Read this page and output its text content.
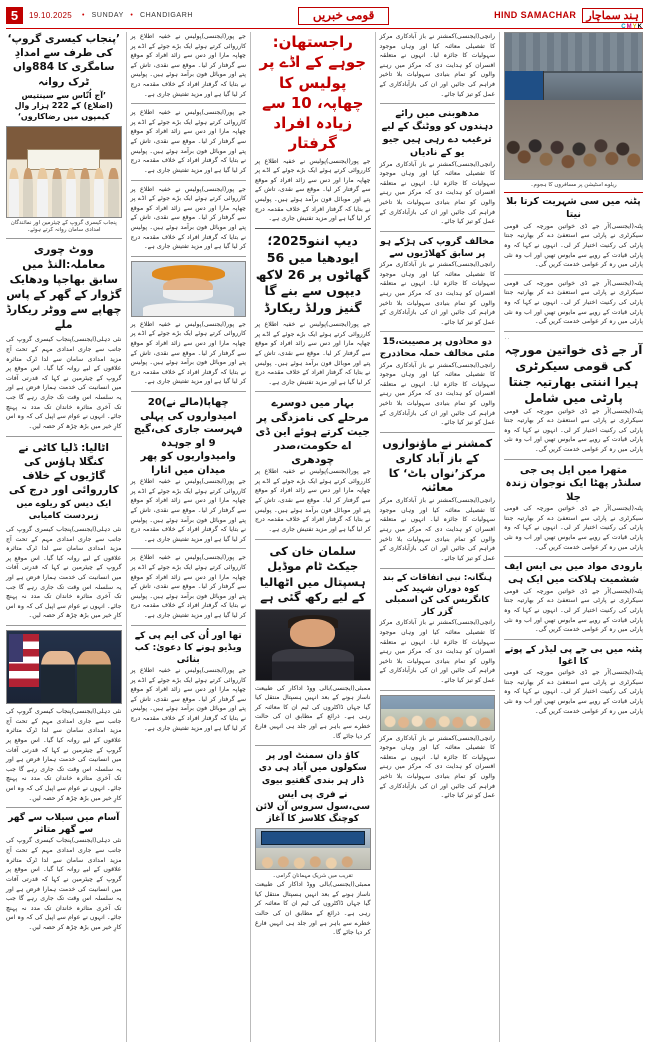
5	19.10.2025	• SUNDAY • CHANDIGARH	قومی خبریں	HIND SAMACHAR ہند سماچار
CMYK
’پنجاب کیسری گروپ‘ کی طرف سے امدادِ سامگری کا 884واں ٹرک روانہ
’آج اُنّاس سے سینتیس (اضلاع) کے 222 ہزار وال کیمپوں میں رضاکاروں‘
پنجاب کیسری گروپ کے چیئرمین اور نمائندگان امدادی سامان روانہ کرتے ہوئے۔
ووٹ چوری معاملہ:النڈ میں سابق بھاجپا ودھایک گڑوار کے گھر کے پاس چھاپے سے ووٹر ریکارڈ ملے
نئی دہلی(ایجنسی)پنجاب کیسری گروپ کی جانب سے جاری امدادی مہم کے تحت آج مزید امدادی سامان سے لدا ٹرک متاثرہ علاقوں کے لیے روانہ کیا گیا۔ اس موقع پر گروپ کے چیئرمین نے کہا کہ قدرتی آفات میں انسانیت کی خدمت ہمارا فرض ہے اور یہ سلسلہ اس وقت تک جاری رہے گا جب تک آخری متاثرہ خاندان تک مدد نہ پہنچ جائے۔ انہوں نے عوام سے اپیل کی کہ وہ اس کارِ خیر میں بڑھ چڑھ کر حصہ لیں۔
اٹالیا: ڈلیا کاٹی نے کنگلا ہاؤس کی گاڑیوں کے خلاف کارروائی اور درج کی
ایک دیس کو ریلوے میں زبردست کامیابی
نئی دہلی(ایجنسی)پنجاب کیسری گروپ کی جانب سے جاری امدادی مہم کے تحت آج مزید امدادی سامان سے لدا ٹرک متاثرہ علاقوں کے لیے روانہ کیا گیا۔ اس موقع پر گروپ کے چیئرمین نے کہا کہ قدرتی آفات میں انسانیت کی خدمت ہمارا فرض ہے اور یہ سلسلہ اس وقت تک جاری رہے گا جب تک آخری متاثرہ خاندان تک مدد نہ پہنچ جائے۔ انہوں نے عوام سے اپیل کی کہ وہ اس کارِ خیر میں بڑھ چڑھ کر حصہ لیں۔
نئی دہلی(ایجنسی)پنجاب کیسری گروپ کی جانب سے جاری امدادی مہم کے تحت آج مزید امدادی سامان سے لدا ٹرک متاثرہ علاقوں کے لیے روانہ کیا گیا۔ اس موقع پر گروپ کے چیئرمین نے کہا کہ قدرتی آفات میں انسانیت کی خدمت ہمارا فرض ہے اور یہ سلسلہ اس وقت تک جاری رہے گا جب تک آخری متاثرہ خاندان تک مدد نہ پہنچ جائے۔ انہوں نے عوام سے اپیل کی کہ وہ اس کارِ خیر میں بڑھ چڑھ کر حصہ لیں۔
آسام میں سیلاب سے گھر سے گھر متاثر
نئی دہلی(ایجنسی)پنجاب کیسری گروپ کی جانب سے جاری امدادی مہم کے تحت آج مزید امدادی سامان سے لدا ٹرک متاثرہ علاقوں کے لیے روانہ کیا گیا۔ اس موقع پر گروپ کے چیئرمین نے کہا کہ قدرتی آفات میں انسانیت کی خدمت ہمارا فرض ہے اور یہ سلسلہ اس وقت تک جاری رہے گا جب تک آخری متاثرہ خاندان تک مدد نہ پہنچ جائے۔ انہوں نے عوام سے اپیل کی کہ وہ اس کارِ خیر میں بڑھ چڑھ کر حصہ لیں۔
جے پور(ایجنسی)پولیس نے خفیہ اطلاع پر کارروائی کرتے ہوئے ایک بڑے جوئے کے اڈے پر چھاپہ مارا اور دس سے زائد افراد کو موقع سے گرفتار کر لیا۔ موقع سے نقدی، تاش کے پتے اور موبائل فون برآمد ہوئے ہیں۔ پولیس نے بتایا کہ گرفتار افراد کے خلاف مقدمہ درج کر لیا گیا ہے اور مزید تفتیش جاری ہے۔
جے پور(ایجنسی)پولیس نے خفیہ اطلاع پر کارروائی کرتے ہوئے ایک بڑے جوئے کے اڈے پر چھاپہ مارا اور دس سے زائد افراد کو موقع سے گرفتار کر لیا۔ موقع سے نقدی، تاش کے پتے اور موبائل فون برآمد ہوئے ہیں۔ پولیس نے بتایا کہ گرفتار افراد کے خلاف مقدمہ درج کر لیا گیا ہے اور مزید تفتیش جاری ہے۔
جے پور(ایجنسی)پولیس نے خفیہ اطلاع پر کارروائی کرتے ہوئے ایک بڑے جوئے کے اڈے پر چھاپہ مارا اور دس سے زائد افراد کو موقع سے گرفتار کر لیا۔ موقع سے نقدی، تاش کے پتے اور موبائل فون برآمد ہوئے ہیں۔ پولیس نے بتایا کہ گرفتار افراد کے خلاف مقدمہ درج کر لیا گیا ہے اور مزید تفتیش جاری ہے۔
جے پور(ایجنسی)پولیس نے خفیہ اطلاع پر کارروائی کرتے ہوئے ایک بڑے جوئے کے اڈے پر چھاپہ مارا اور دس سے زائد افراد کو موقع سے گرفتار کر لیا۔ موقع سے نقدی، تاش کے پتے اور موبائل فون برآمد ہوئے ہیں۔ پولیس نے بتایا کہ گرفتار افراد کے خلاف مقدمہ درج کر لیا گیا ہے اور مزید تفتیش جاری ہے۔
چھاپا(مالے نے)20 امیدواروں کی پہلی فہرست جاری کی،گیج 9 او جوہدہ وامیدواریوں کو پھر میدان میں اتارا
جے پور(ایجنسی)پولیس نے خفیہ اطلاع پر کارروائی کرتے ہوئے ایک بڑے جوئے کے اڈے پر چھاپہ مارا اور دس سے زائد افراد کو موقع سے گرفتار کر لیا۔ موقع سے نقدی، تاش کے پتے اور موبائل فون برآمد ہوئے ہیں۔ پولیس نے بتایا کہ گرفتار افراد کے خلاف مقدمہ درج کر لیا گیا ہے اور مزید تفتیش جاری ہے۔
جے پور(ایجنسی)پولیس نے خفیہ اطلاع پر کارروائی کرتے ہوئے ایک بڑے جوئے کے اڈے پر چھاپہ مارا اور دس سے زائد افراد کو موقع سے گرفتار کر لیا۔ موقع سے نقدی، تاش کے پتے اور موبائل فون برآمد ہوئے ہیں۔ پولیس نے بتایا کہ گرفتار افراد کے خلاف مقدمہ درج کر لیا گیا ہے اور مزید تفتیش جاری ہے۔
تھا اور اُن کی ایم پی کے ویڈیو ہونے کا دعویٰ: کب بنائی
جے پور(ایجنسی)پولیس نے خفیہ اطلاع پر کارروائی کرتے ہوئے ایک بڑے جوئے کے اڈے پر چھاپہ مارا اور دس سے زائد افراد کو موقع سے گرفتار کر لیا۔ موقع سے نقدی، تاش کے پتے اور موبائل فون برآمد ہوئے ہیں۔ پولیس نے بتایا کہ گرفتار افراد کے خلاف مقدمہ درج کر لیا گیا ہے اور مزید تفتیش جاری ہے۔
راجستھان: جوہے کے اڈے پر پولیس کا چھاپہ، 10 سے زیادہ افراد گرفتار
جے پور(ایجنسی)پولیس نے خفیہ اطلاع پر کارروائی کرتے ہوئے ایک بڑے جوئے کے اڈے پر چھاپہ مارا اور دس سے زائد افراد کو موقع سے گرفتار کر لیا۔ موقع سے نقدی، تاش کے پتے اور موبائل فون برآمد ہوئے ہیں۔ پولیس نے بتایا کہ گرفتار افراد کے خلاف مقدمہ درج کر لیا گیا ہے اور مزید تفتیش جاری ہے۔
دیپ اننو2025؛ ایودھیا میں 56 گھاٹوں پر 26 لاکھ دیپوں سے بنے گا گنیز ورلڈ ریکارڈ
جے پور(ایجنسی)پولیس نے خفیہ اطلاع پر کارروائی کرتے ہوئے ایک بڑے جوئے کے اڈے پر چھاپہ مارا اور دس سے زائد افراد کو موقع سے گرفتار کر لیا۔ موقع سے نقدی، تاش کے پتے اور موبائل فون برآمد ہوئے ہیں۔ پولیس نے بتایا کہ گرفتار افراد کے خلاف مقدمہ درج کر لیا گیا ہے اور مزید تفتیش جاری ہے۔
بہار میں دوسرے مرحلے کی نامزدگی پر جیت کرتے ہوئے این ڈی اے حکومت،صدر چودھری
جے پور(ایجنسی)پولیس نے خفیہ اطلاع پر کارروائی کرتے ہوئے ایک بڑے جوئے کے اڈے پر چھاپہ مارا اور دس سے زائد افراد کو موقع سے گرفتار کر لیا۔ موقع سے نقدی، تاش کے پتے اور موبائل فون برآمد ہوئے ہیں۔ پولیس نے بتایا کہ گرفتار افراد کے خلاف مقدمہ درج کر لیا گیا ہے اور مزید تفتیش جاری ہے۔
سلمان خان کی جیکٹ ٹام موڈیل ہسپتال میں اٹھالیا کے لیے رکھ گئی ہے
ممبئی(ایجنسی)بالی ووڈ اداکار کی طبیعت ناساز ہونے کے بعد انہیں ہسپتال منتقل کیا گیا جہاں ڈاکٹروں کی ٹیم ان کا معائنہ کر رہی ہے۔ ذرائع کے مطابق ان کی حالت خطرے سے باہر ہے اور جلد ہی انہیں فارغ کر دیا جائے گا۔
کاؤ دان سمنٹ اور پر سکولوں میں آباد ہی دی ڈار ہر بندی گفتیو بیوی
نے فری پی ایس سی،سول سروس آن لائن کوچنگ کلاسز کا آغاز
تقریب میں شریک مہمانانِ گرامی۔
ممبئی(ایجنسی)بالی ووڈ اداکار کی طبیعت ناساز ہونے کے بعد انہیں ہسپتال منتقل کیا گیا جہاں ڈاکٹروں کی ٹیم ان کا معائنہ کر رہی ہے۔ ذرائع کے مطابق ان کی حالت خطرے سے باہر ہے اور جلد ہی انہیں فارغ کر دیا جائے گا۔
رانچی(ایجنسی)کمشنر نے باز آبادکاری مرکز کا تفصیلی معائنہ کیا اور وہاں موجود سہولیات کا جائزہ لیا۔ انہوں نے متعلقہ افسران کو ہدایت دی کہ مرکز میں رہنے والوں کو تمام بنیادی سہولیات بلا تاخیر فراہم کی جائیں اور ان کی بازآبادکاری کے عمل کو تیز کیا جائے۔
مدھوبنی میں رائے دہندوں کو ووٹنگ کے لیے ترغیب دے رہی ہیں جیو یو کے نادیاں
رانچی(ایجنسی)کمشنر نے باز آبادکاری مرکز کا تفصیلی معائنہ کیا اور وہاں موجود سہولیات کا جائزہ لیا۔ انہوں نے متعلقہ افسران کو ہدایت دی کہ مرکز میں رہنے والوں کو تمام بنیادی سہولیات بلا تاخیر فراہم کی جائیں اور ان کی بازآبادکاری کے عمل کو تیز کیا جائے۔
مخالف گروپ کی ہڑکے ہو پر سابق کھلاڑیوں سے
رانچی(ایجنسی)کمشنر نے باز آبادکاری مرکز کا تفصیلی معائنہ کیا اور وہاں موجود سہولیات کا جائزہ لیا۔ انہوں نے متعلقہ افسران کو ہدایت دی کہ مرکز میں رہنے والوں کو تمام بنیادی سہولیات بلا تاخیر فراہم کی جائیں اور ان کی بازآبادکاری کے عمل کو تیز کیا جائے۔
دو محاذوں پر مصیبت،15 مئی مخالف حملہ محاذدرج
رانچی(ایجنسی)کمشنر نے باز آبادکاری مرکز کا تفصیلی معائنہ کیا اور وہاں موجود سہولیات کا جائزہ لیا۔ انہوں نے متعلقہ افسران کو ہدایت دی کہ مرکز میں رہنے والوں کو تمام بنیادی سہولیات بلا تاخیر فراہم کی جائیں اور ان کی بازآبادکاری کے عمل کو تیز کیا جائے۔
کمشنر نے ماؤنوازوں کے باز آباد کاری مرکز’نواں باٹ‘ کا معائنہ
رانچی(ایجنسی)کمشنر نے باز آبادکاری مرکز کا تفصیلی معائنہ کیا اور وہاں موجود سہولیات کا جائزہ لیا۔ انہوں نے متعلقہ افسران کو ہدایت دی کہ مرکز میں رہنے والوں کو تمام بنیادی سہولیات بلا تاخیر فراہم کی جائیں اور ان کی بازآبادکاری کے عمل کو تیز کیا جائے۔
ہنگانہ: نبی اتفاقات کے بند کوہ دوران شہید کی کانگریس کی کن اسمبلی گزر کار
رانچی(ایجنسی)کمشنر نے باز آبادکاری مرکز کا تفصیلی معائنہ کیا اور وہاں موجود سہولیات کا جائزہ لیا۔ انہوں نے متعلقہ افسران کو ہدایت دی کہ مرکز میں رہنے والوں کو تمام بنیادی سہولیات بلا تاخیر فراہم کی جائیں اور ان کی بازآبادکاری کے عمل کو تیز کیا جائے۔
رانچی(ایجنسی)کمشنر نے باز آبادکاری مرکز کا تفصیلی معائنہ کیا اور وہاں موجود سہولیات کا جائزہ لیا۔ انہوں نے متعلقہ افسران کو ہدایت دی کہ مرکز میں رہنے والوں کو تمام بنیادی سہولیات بلا تاخیر فراہم کی جائیں اور ان کی بازآبادکاری کے عمل کو تیز کیا جائے۔
ریلوے اسٹیشن پر مسافروں کا ہجوم۔
پٹنہ میں سی شہریت کرتا بلا نیتا
پٹنہ(ایجنسی)آر جے ڈی خواتین مورچہ کی قومی سیکرٹری نے پارٹی سے استعفیٰ دے کر بھارتیہ جنتا پارٹی کی رکنیت اختیار کر لی۔ انہوں نے کہا کہ وہ پارٹی قیادت کے رویے سے مایوس تھیں اور اب وہ نئی پارٹی میں رہ کر عوامی خدمت کریں گی۔
پٹنہ(ایجنسی)آر جے ڈی خواتین مورچہ کی قومی سیکرٹری نے پارٹی سے استعفیٰ دے کر بھارتیہ جنتا پارٹی کی رکنیت اختیار کر لی۔ انہوں نے کہا کہ وہ پارٹی قیادت کے رویے سے مایوس تھیں اور اب وہ نئی پارٹی میں رہ کر عوامی خدمت کریں گی۔
۰۰
آر جے ڈی خواتین مورچہ کی قومی سیکرٹری ہیرا اننتی بھارتیہ جنتا پارٹی میں شامل
پٹنہ(ایجنسی)آر جے ڈی خواتین مورچہ کی قومی سیکرٹری نے پارٹی سے استعفیٰ دے کر بھارتیہ جنتا پارٹی کی رکنیت اختیار کر لی۔ انہوں نے کہا کہ وہ پارٹی قیادت کے رویے سے مایوس تھیں اور اب وہ نئی پارٹی میں رہ کر عوامی خدمت کریں گی۔
متھرا میں ایل پی جی سلنڈر پھٹا ایک نوجوان زندہ جلا
پٹنہ(ایجنسی)آر جے ڈی خواتین مورچہ کی قومی سیکرٹری نے پارٹی سے استعفیٰ دے کر بھارتیہ جنتا پارٹی کی رکنیت اختیار کر لی۔ انہوں نے کہا کہ وہ پارٹی قیادت کے رویے سے مایوس تھیں اور اب وہ نئی پارٹی میں رہ کر عوامی خدمت کریں گی۔
بارودی مواد میں بی ایس ایف ششمیت ہلاکت میں ایک ہی
پٹنہ(ایجنسی)آر جے ڈی خواتین مورچہ کی قومی سیکرٹری نے پارٹی سے استعفیٰ دے کر بھارتیہ جنتا پارٹی کی رکنیت اختیار کر لی۔ انہوں نے کہا کہ وہ پارٹی قیادت کے رویے سے مایوس تھیں اور اب وہ نئی پارٹی میں رہ کر عوامی خدمت کریں گی۔
پٹنہ میں بی جے پی لیڈر کے پوتے کا اغوا
پٹنہ(ایجنسی)آر جے ڈی خواتین مورچہ کی قومی سیکرٹری نے پارٹی سے استعفیٰ دے کر بھارتیہ جنتا پارٹی کی رکنیت اختیار کر لی۔ انہوں نے کہا کہ وہ پارٹی قیادت کے رویے سے مایوس تھیں اور اب وہ نئی پارٹی میں رہ کر عوامی خدمت کریں گی۔
